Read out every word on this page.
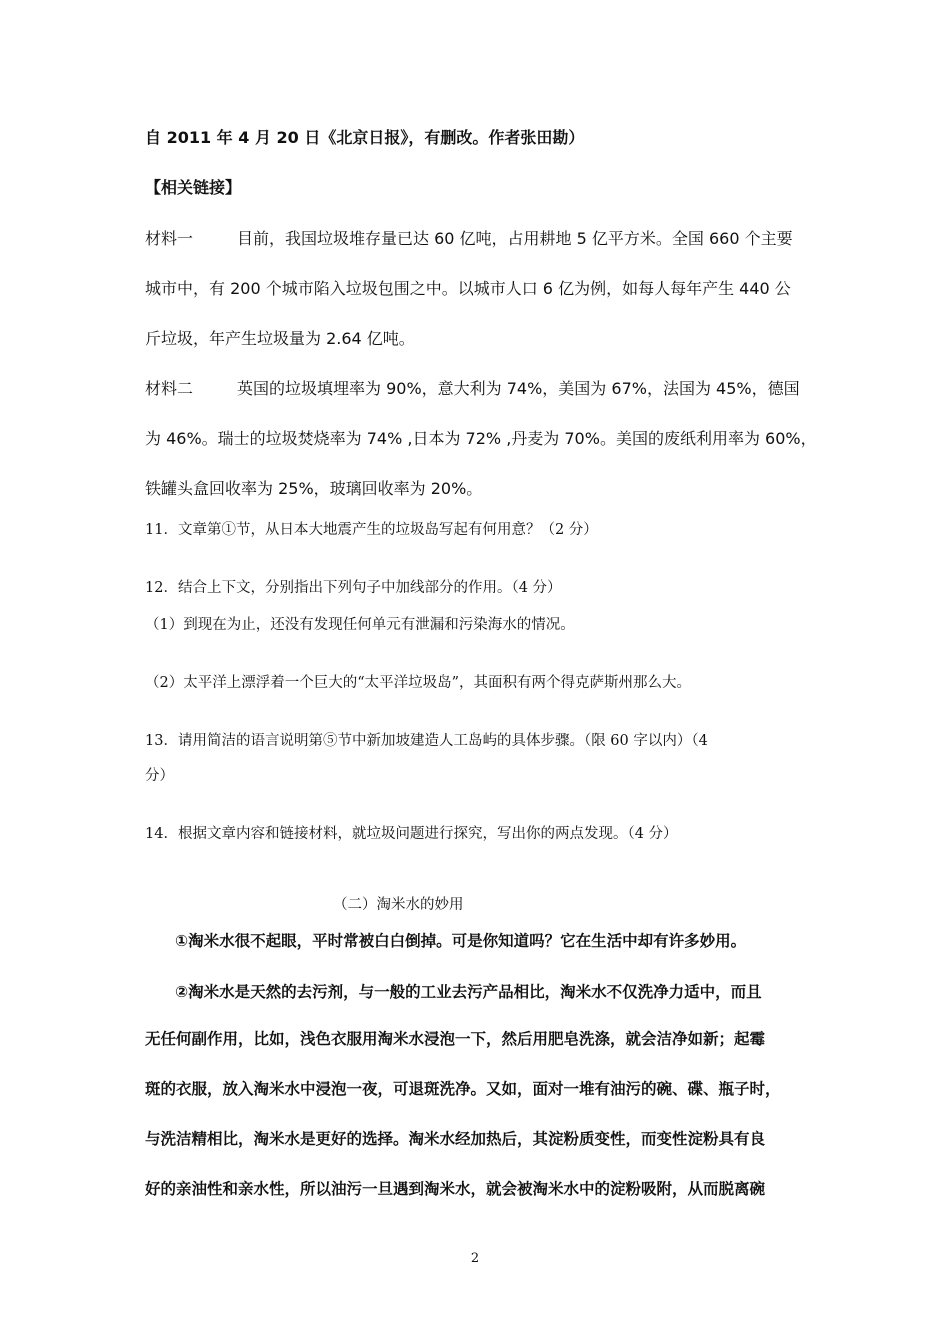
自 2011 年 4 月 20 日《北京日报》，有删改。作者张田勘）
【相关链接】
材料一	目前，我国垃圾堆存量已达 60 亿吨，占用耕地 5 亿平方米。全国 660 个主要
城市中，有 200 个城市陷入垃圾包围之中。以城市人口 6 亿为例，如每人每年产生 440 公
斤垃圾，年产生垃圾量为 2.64 亿吨。
材料二	英国的垃圾填埋率为 90%，意大利为 74%，美国为 67%，法国为 45%，德国
为 46%。瑞士的垃圾焚烧率为 74% ,日本为 72% ,丹麦为 70%。美国的废纸利用率为 60%，
铁罐头盒回收率为 25%，玻璃回收率为 20%。
11．文章第①节，从日本大地震产生的垃圾岛写起有何用意？（2 分）
12．结合上下文，分别指出下列句子中加线部分的作用。（4 分）
（1）到现在为止，还没有发现任何单元有泄漏和污染海水的情况。
（2）太平洋上漂浮着一个巨大的“太平洋垃圾岛”，其面积有两个得克萨斯州那么大。
13．请用简洁的语言说明第⑤节中新加坡建造人工岛屿的具体步骤。（限 60 字以内）（4
分）
14．根据文章内容和链接材料，就垃圾问题进行探究，写出你的两点发现。（4 分）
（二）淘米水的妙用
①淘米水很不起眼，平时常被白白倒掉。可是你知道吗？它在生活中却有许多妙用。
②淘米水是天然的去污剂，与一般的工业去污产品相比，淘米水不仅洗净力适中，而且
无任何副作用，比如，浅色衣服用淘米水浸泡一下，然后用肥皂洗涤，就会洁净如新；起霉
斑的衣服，放入淘米水中浸泡一夜，可退斑洗净。又如，面对一堆有油污的碗、碟、瓶子时，
与洗洁精相比，淘米水是更好的选择。淘米水经加热后，其淀粉质变性，而变性淀粉具有良
好的亲油性和亲水性，所以油污一旦遇到淘米水，就会被淘米水中的淀粉吸附，从而脱离碗
2
